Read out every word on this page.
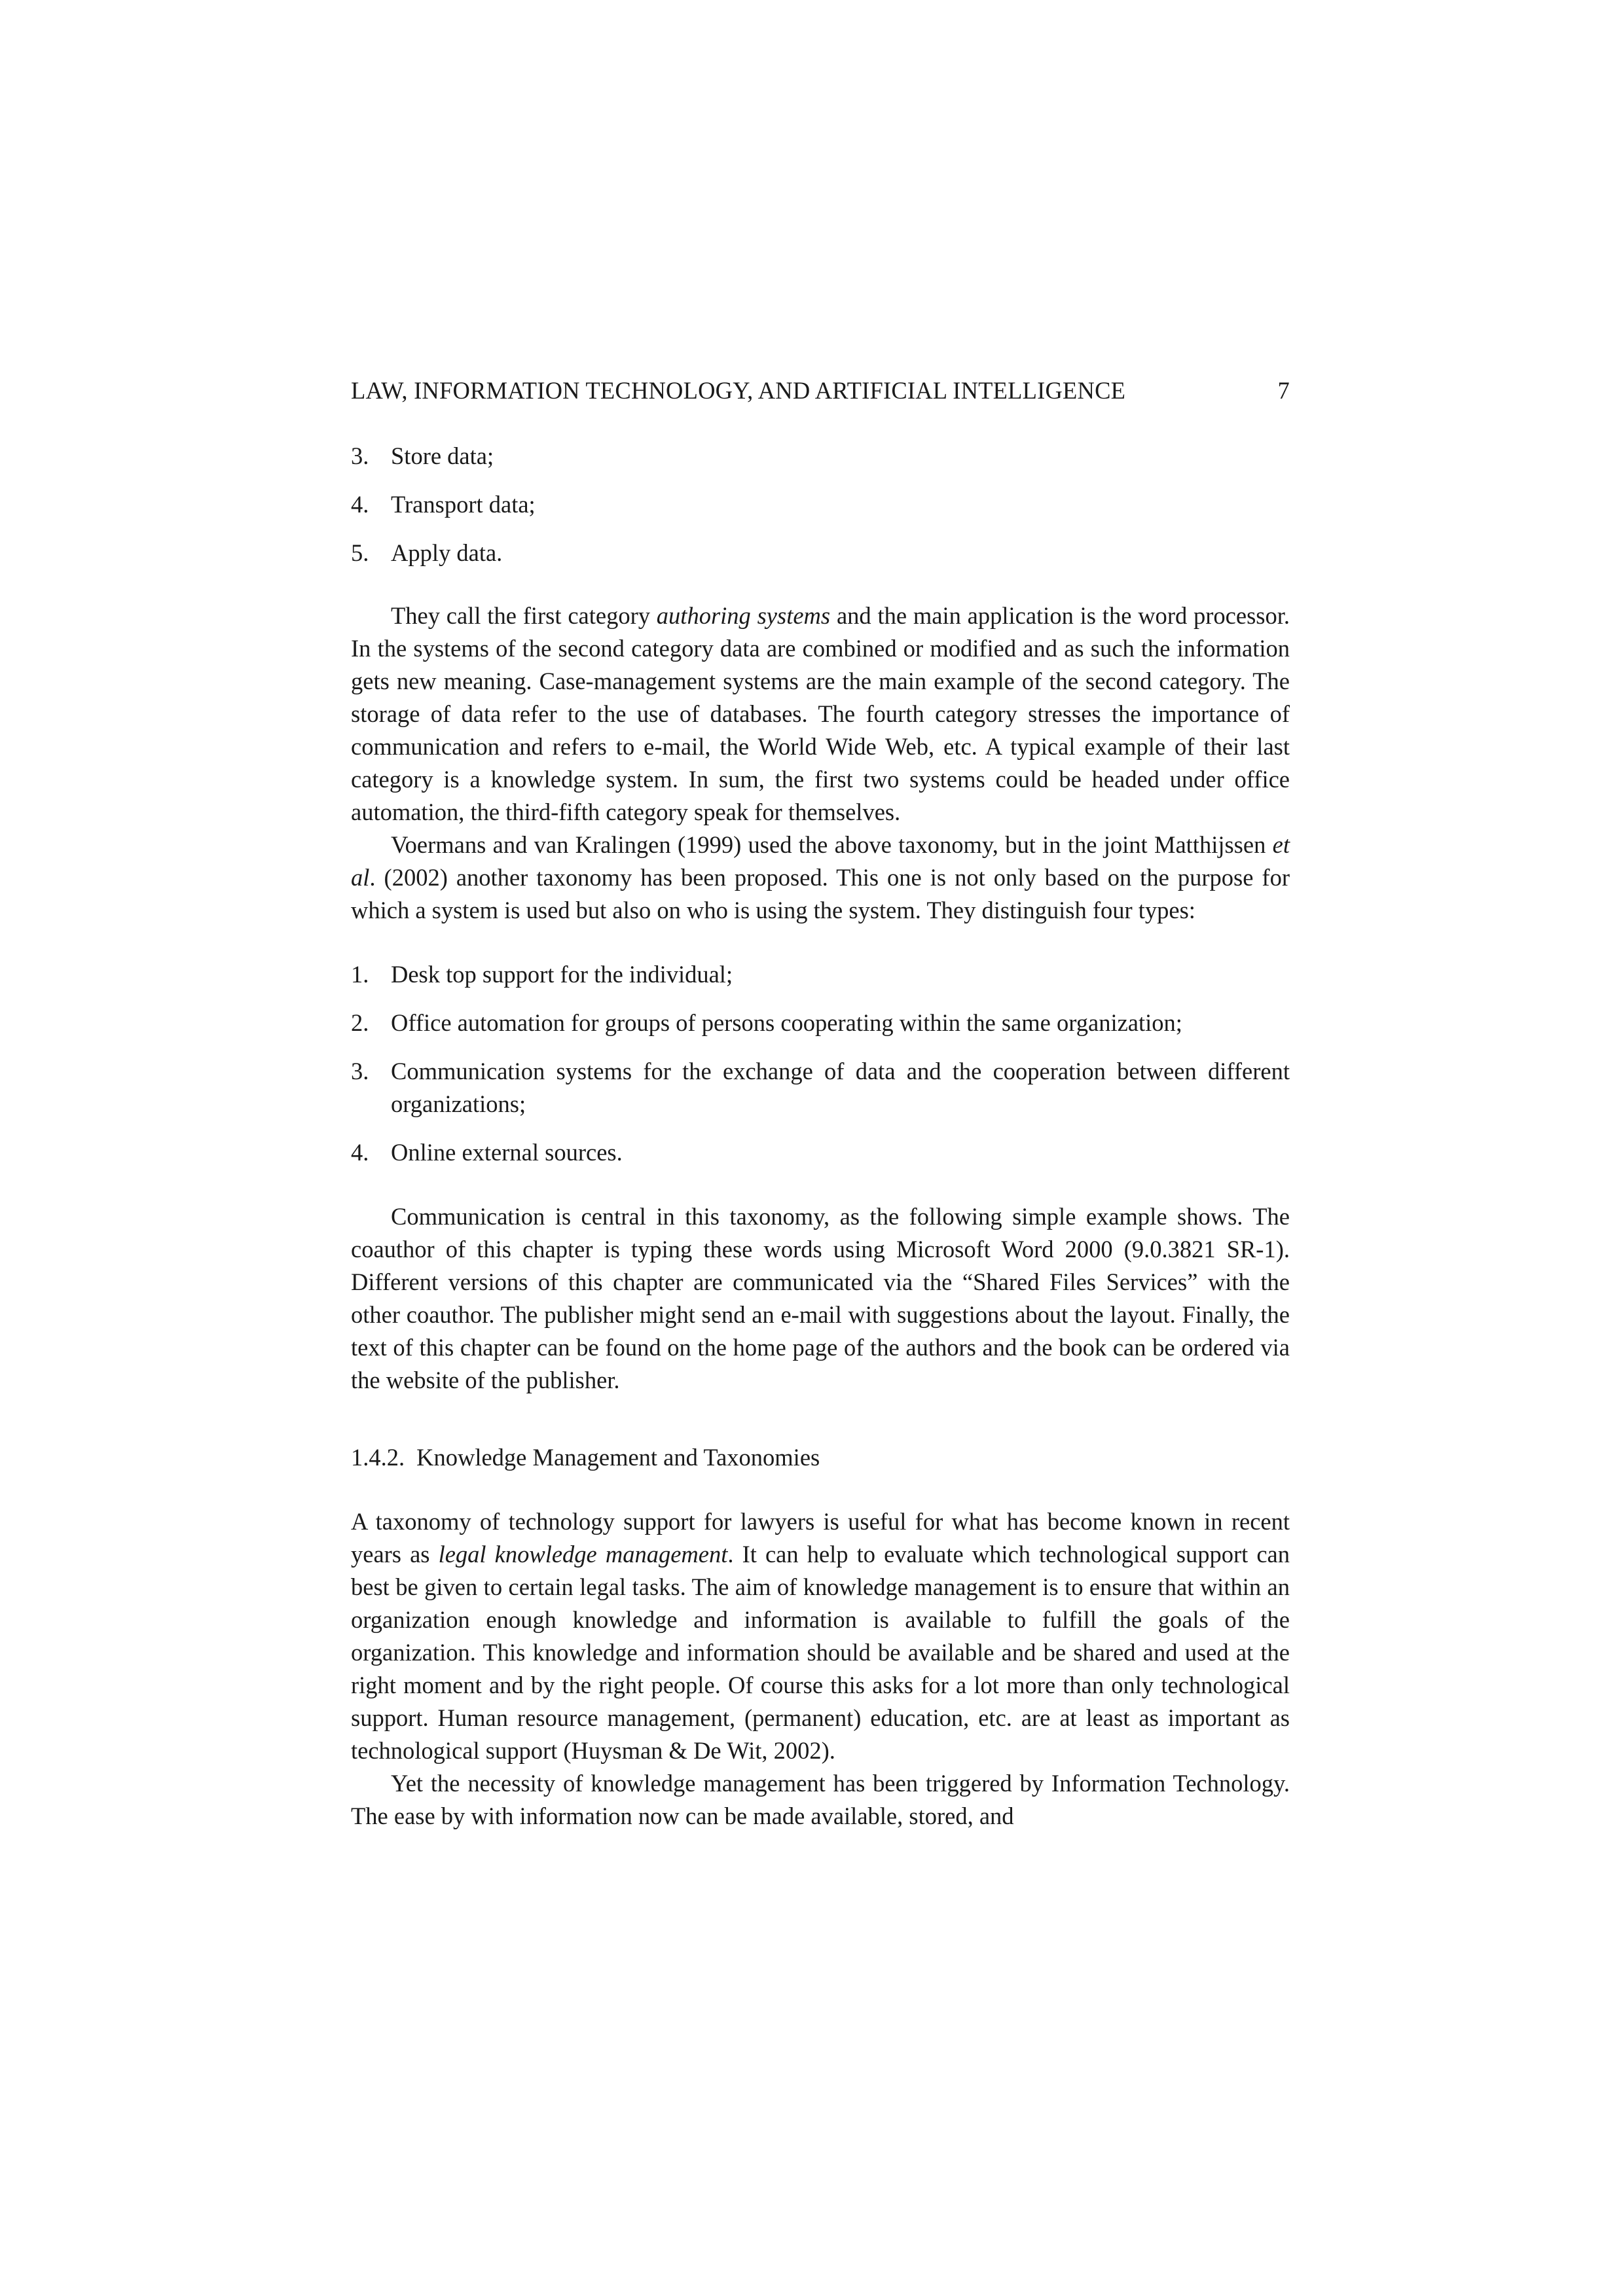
LAW, INFORMATION TECHNOLOGY, AND ARTIFICIAL INTELLIGENCE	7
3. Store data;
4. Transport data;
5. Apply data.

They call the first category authoring systems and the main application is the word processor. In the systems of the second category data are combined or modified and as such the information gets new meaning. Case-management systems are the main example of the second category. The storage of data refer to the use of databases. The fourth category stresses the importance of communication and refers to e-mail, the World Wide Web, etc. A typical example of their last category is a knowledge system. In sum, the first two systems could be headed under office automation, the third-fifth category speak for themselves.

Voermans and van Kralingen (1999) used the above taxonomy, but in the joint Matthijssen et al. (2002) another taxonomy has been proposed. This one is not only based on the purpose for which a system is used but also on who is using the system. They distinguish four types:

1. Desk top support for the individual;
2. Office automation for groups of persons cooperating within the same organization;
3. Communication systems for the exchange of data and the cooperation between different organizations;
4. Online external sources.

Communication is central in this taxonomy, as the following simple example shows. The coauthor of this chapter is typing these words using Microsoft Word 2000 (9.0.3821 SR-1). Different versions of this chapter are communicated via the “Shared Files Services” with the other coauthor. The publisher might send an e-mail with suggestions about the layout. Finally, the text of this chapter can be found on the home page of the authors and the book can be ordered via the website of the publisher.

1.4.2. Knowledge Management and Taxonomies

A taxonomy of technology support for lawyers is useful for what has become known in recent years as legal knowledge management. It can help to evaluate which technological support can best be given to certain legal tasks. The aim of knowledge management is to ensure that within an organization enough knowledge and information is available to fulfill the goals of the organization. This knowledge and information should be available and be shared and used at the right moment and by the right people. Of course this asks for a lot more than only technological support. Human resource management, (permanent) education, etc. are at least as important as technological support (Huysman & De Wit, 2002).

Yet the necessity of knowledge management has been triggered by Information Technology. The ease by with information now can be made available, stored, and
